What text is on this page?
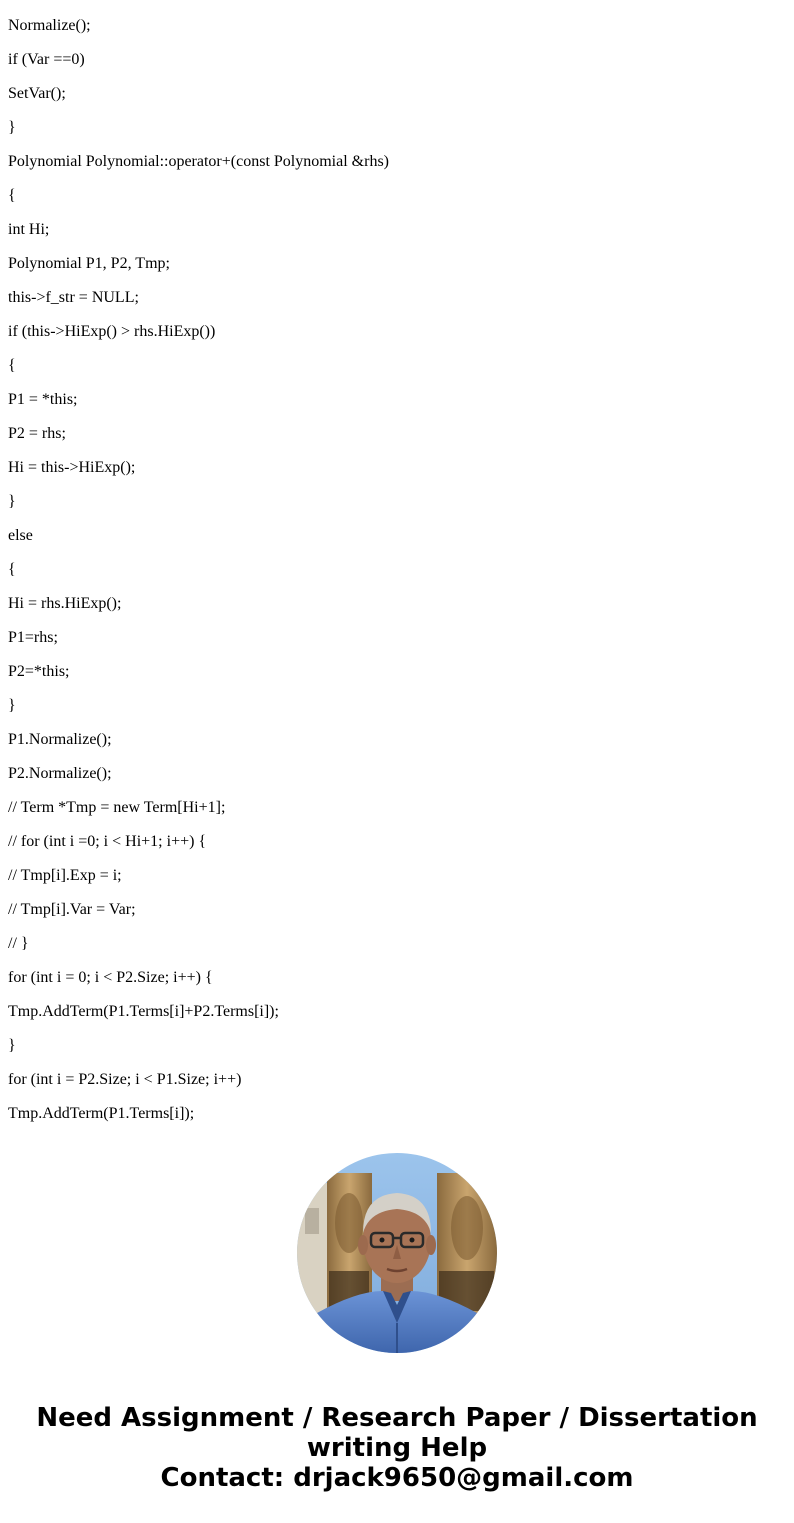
Normalize();
if (Var ==0)
SetVar();
}
Polynomial Polynomial::operator+(const Polynomial &rhs)
{
int Hi;
Polynomial P1, P2, Tmp;
this->f_str = NULL;
if (this->HiExp() > rhs.HiExp())
{
P1 = *this;
P2 = rhs;
Hi = this->HiExp();
}
else
{
Hi = rhs.HiExp();
P1=rhs;
P2=*this;
}
P1.Normalize();
P2.Normalize();
// Term *Tmp = new Term[Hi+1];
// for (int i =0; i < Hi+1; i++) {
// Tmp[i].Exp = i;
// Tmp[i].Var = Var;
// }
for (int i = 0; i < P2.Size; i++) {
Tmp.AddTerm(P1.Terms[i]+P2.Terms[i]);
}
for (int i = P2.Size; i < P1.Size; i++)
Tmp.AddTerm(P1.Terms[i]);
Need Assignment / Research Paper / Dissertation
writing Help
Contact: drjack9650@gmail.com
